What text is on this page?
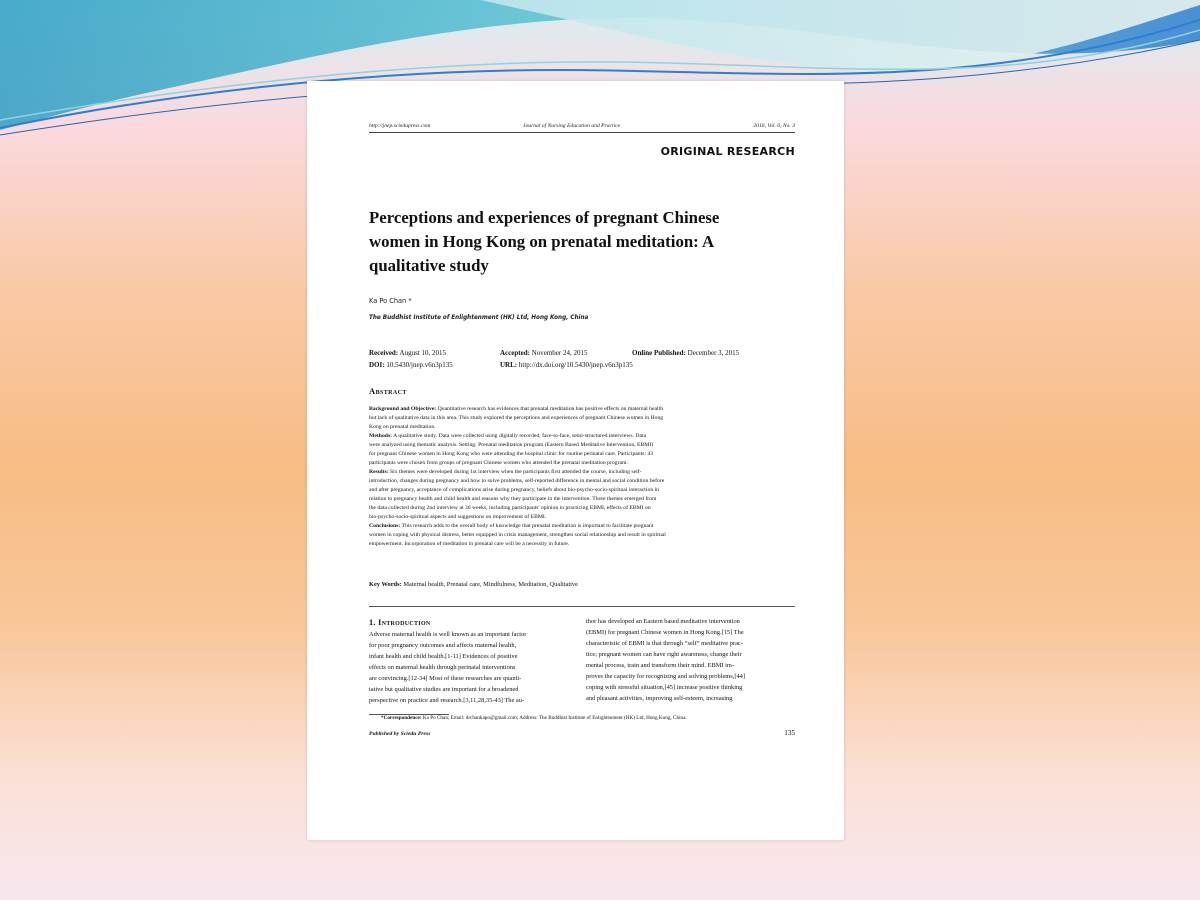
http://jnep.sciedupress.com	Journal of Nursing Education and Practice	2016, Vol. 6, No. 3
ORIGINAL RESEARCH
Perceptions and experiences of pregnant Chinese
women in Hong Kong on prenatal meditation: A
qualitative study
Ka Po Chan *
The Buddhist Institute of Enlightenment (HK) Ltd, Hong Kong, China
Received: August 10, 2015	Accepted: November 24, 2015	Online Published: December 3, 2015
DOI: 10.5430/jnep.v6n3p135	URL: http://dx.doi.org/10.5430/jnep.v6n3p135
Abstract
Background and Objective: Quantitative research has evidences that prenatal meditation has positive effects on maternal health
but lack of qualitative data in this area. This study explored the perceptions and experiences of pregnant Chinese women in Hong
Kong on prenatal meditation.
Methods: A qualitative study. Data were collected using digitally recorded, face-to-face, semi-structured interviews. Data
were analyzed using thematic analysis. Setting: Prenatal meditation program (Eastern Based Meditative Intervention, EBMI)
for pregnant Chinese women in Hong Kong who were attending the hospital clinic for routine perinatal care. Participants: 43
participants were chosen from groups of pregnant Chinese women who attended the prenatal meditation program.
Results: Six themes were developed during 1st interview when the participants first attended the course, including self-
introduction, changes during pregnancy and how to solve problems, self-reported difference in mental and social condition before
and after pregnancy, acceptance of complications arise during pregnancy, beliefs about bio-psycho-socio-spiritual interaction in
relation to pregnancy health and child health and reasons why they participate in the intervention. Three themes emerged from
the data collected during 2nd interview at 36 weeks, including participants' opinion in practicing EBMI, effects of EBMI on
bio-psycho-socio-spiritual aspects and suggestions on improvement of EBMI.
Conclusions: This research adds to the overall body of knowledge that prenatal meditation is important to facilitate pregnant
women in coping with physical distress, better equipped in crisis management, strengthen social relationship and result in spiritual
empowerment. Incorporation of meditation in prenatal care will be a necessity in future.
Key Words: Maternal health, Prenatal care, Mindfulness, Meditation, Qualitative
1. Introduction
Adverse maternal health is well known as an important factor
for poor pregnancy outcomes and affects maternal health,
infant health and child health.[1-11] Evidences of positive
effects on maternal health through perinatal interventions
are convincing.[12-34] Most of these researches are quanti-
tative but qualitative studies are important for a broadened
perspective on practice and research.[3,11,28,35-43] The au-
thor has developed an Eastern based meditative intervention
(EBMI) for pregnant Chinese women in Hong Kong.[15] The
characteristic of EBMI is that through “self” meditative prac-
tice; pregnant women can have right awareness, change their
mental process, train and transform their mind. EBMI im-
proves the capacity for recognizing and solving problems,[44]
coping with stressful situation,[45] increase positive thinking
and pleasant activities, improving self-esteem, increasing
*Correspondence: Ka Po Chan; Email: drchankapo@gmail.com; Address: The Buddhist Institute of Enlightenment (HK) Ltd, Hong Kong, China.
Published by Sciedu Press	135
